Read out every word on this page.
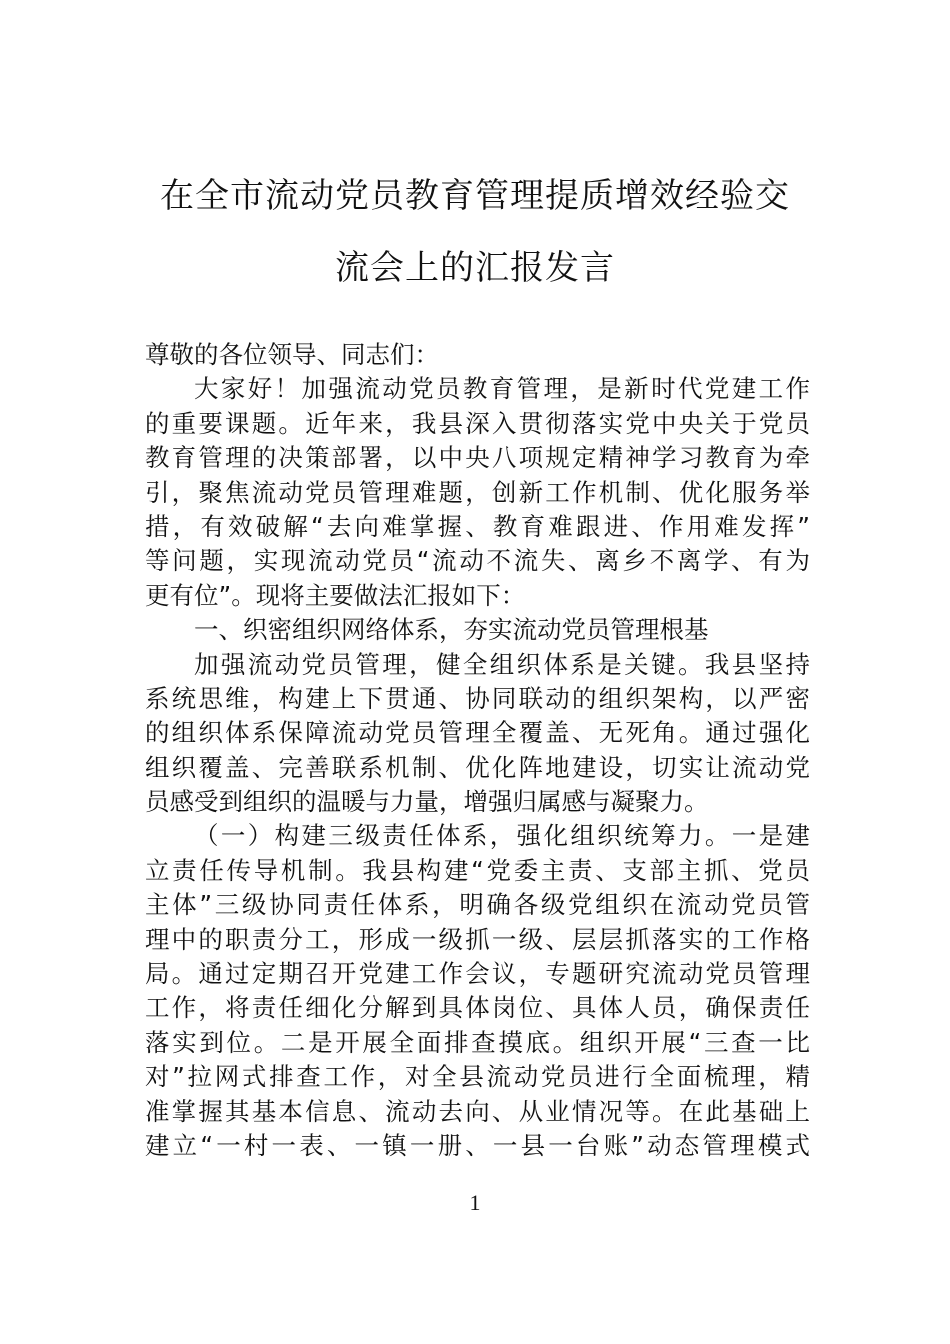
在全市流动党员教育管理提质增效经验交
流会上的汇报发言
尊敬的各位领导、同志们：
大家好！加强流动党员教育管理，是新时代党建工作
的重要课题。近年来，我县深入贯彻落实党中央关于党员
教育管理的决策部署，以中央八项规定精神学习教育为牵
引，聚焦流动党员管理难题，创新工作机制、优化服务举
措，有效破解“去向难掌握、教育难跟进、作用难发挥”
等问题，实现流动党员“流动不流失、离乡不离学、有为
更有位”。现将主要做法汇报如下：
一、织密组织网络体系，夯实流动党员管理根基
加强流动党员管理，健全组织体系是关键。我县坚持
系统思维，构建上下贯通、协同联动的组织架构，以严密
的组织体系保障流动党员管理全覆盖、无死角。通过强化
组织覆盖、完善联系机制、优化阵地建设，切实让流动党
员感受到组织的温暖与力量，增强归属感与凝聚力。
（一）构建三级责任体系，强化组织统筹力。一是建
立责任传导机制。我县构建“党委主责、支部主抓、党员
主体”三级协同责任体系，明确各级党组织在流动党员管
理中的职责分工，形成一级抓一级、层层抓落实的工作格
局。通过定期召开党建工作会议，专题研究流动党员管理
工作，将责任细化分解到具体岗位、具体人员，确保责任
落实到位。二是开展全面排查摸底。组织开展“三查一比
对”拉网式排查工作，对全县流动党员进行全面梳理，精
准掌握其基本信息、流动去向、从业情况等。在此基础上
建立“一村一表、一镇一册、一县一台账”动态管理模式
1
